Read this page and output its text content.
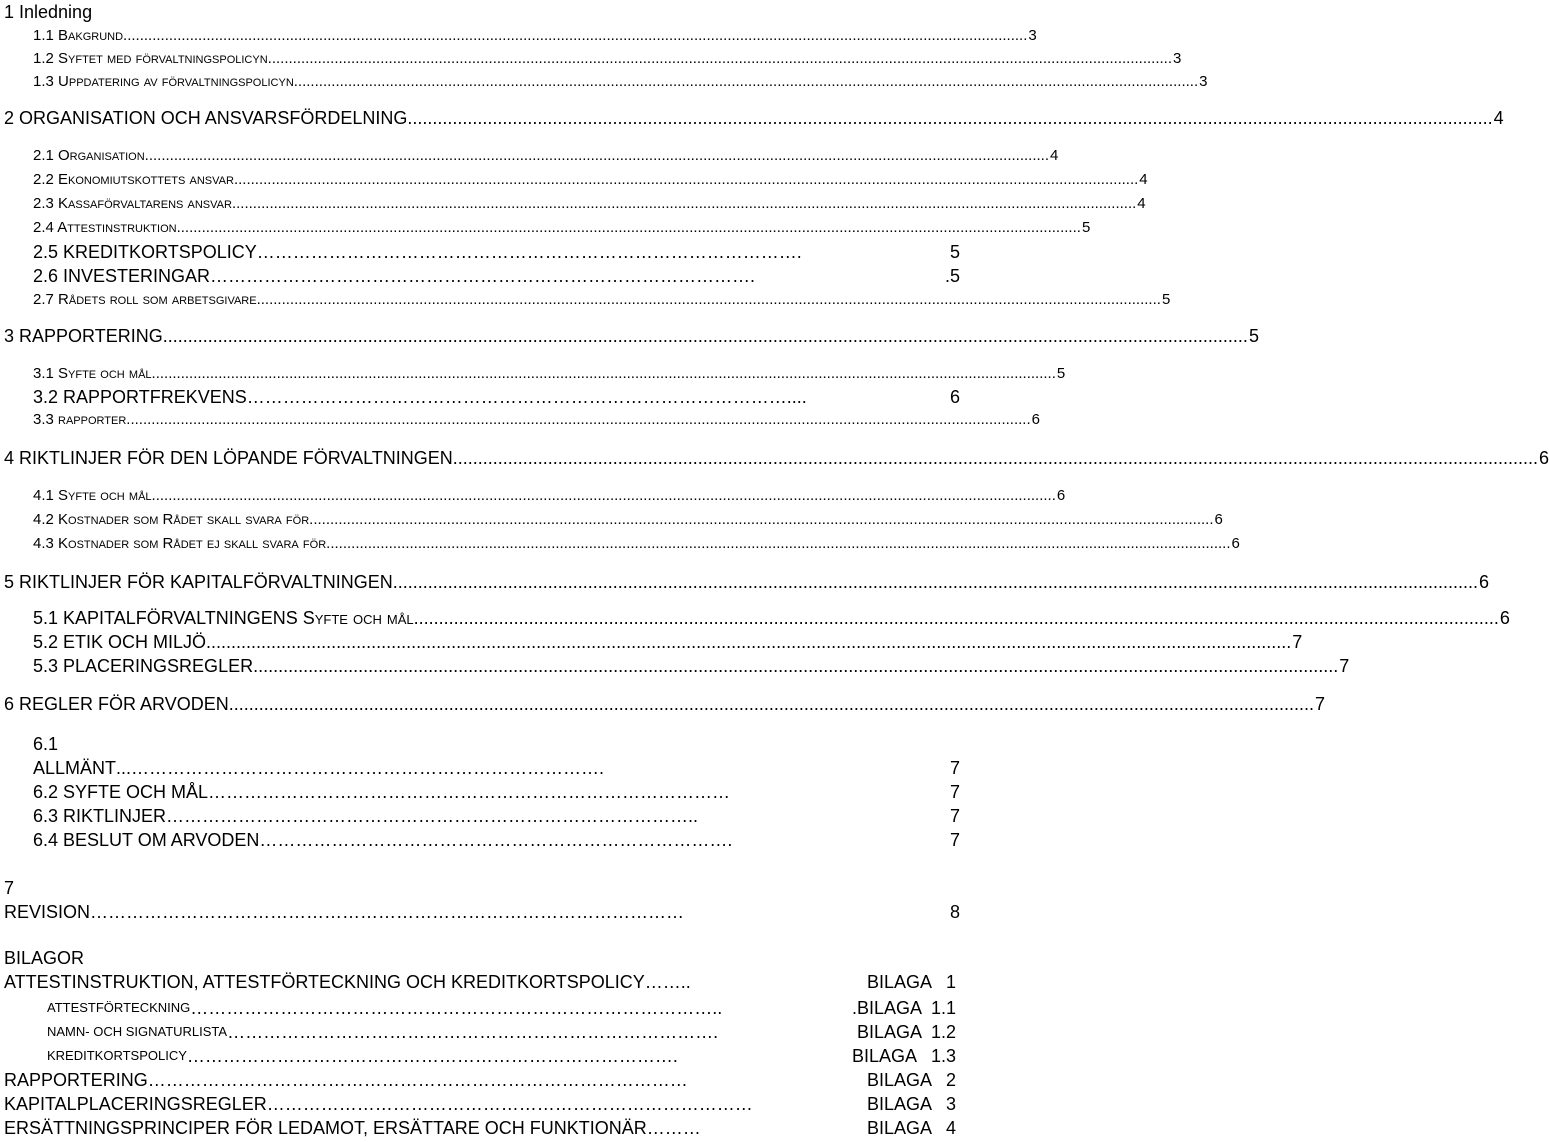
1 Inledning
1.1 Bakgrund ......................................................................................................................................................................................................................... 3
1.2 Syftet med förvaltningspolicyn ......................................................................................................................................................................................................................... 3
1.3 Uppdatering av förvaltningspolicyn ......................................................................................................................................................................................................................... 3
2 ORGANISATION OCH ANSVARSFÖRDELNING ......................................................................................................................................................................................................................... 4
2.1 Organisation ......................................................................................................................................................................................................................... 4
2.2 Ekonomiutskottets ansvar ......................................................................................................................................................................................................................... 4
2.3 Kassaförvaltarens ansvar ......................................................................................................................................................................................................................... 4
2.4 Attestinstruktion ......................................................................................................................................................................................................................... 5
2.5 KREDITKORTSPOLICY ……………………………………………………………………………….	5
2.6 INVESTERINGAR ……………………………………………………………………………….	.5
2.7 Rådets roll som arbetsgivare ......................................................................................................................................................................................................................... 5
3 RAPPORTERING ......................................................................................................................................................................................................................... 5
3.1 Syfte och mål ......................................................................................................................................................................................................................... 5
3.2 RAPPORTFREKVENS ………………………………………………………………………………....	6
3.3 rapporter ......................................................................................................................................................................................................................... 6
4 RIKTLINJER FÖR DEN LÖPANDE FÖRVALTNINGEN ......................................................................................................................................................................................................................... 6
4.1 Syfte och mål ......................................................................................................................................................................................................................... 6
4.2 Kostnader som Rådet skall svara för ......................................................................................................................................................................................................................... 6
4.3 Kostnader som Rådet ej skall svara för ......................................................................................................................................................................................................................... 6
5 RIKTLINJER FÖR KAPITALFÖRVALTNINGEN ......................................................................................................................................................................................................................... 6
5.1 KAPITALFÖRVALTNINGENS Syfte och mål ......................................................................................................................................................................................................................... 6
5.2 ETIK OCH MILJÖ ......................................................................................................................................................................................................................... 7
5.3 PLACERINGSREGLER ......................................................................................................................................................................................................................... 7
6 REGLER FÖR ARVODEN ......................................................................................................................................................................................................................... 7
6.1
ALLMÄNT ...…………………………………………………………………….	7
6.2 SYFTE OCH MÅL ……………………………………………………………………………	7
6.3 RIKTLINJER ……………………………………………………………………………..	7
6.4 BESLUT OM ARVODEN …………………………………………………………………….	7
7
REVISION ………………………………………………………………………………………	8
BILAGOR
ATTESTINSTRUKTION, ATTESTFÖRTECKNING OCH KREDITKORTSPOLICY ……..	BILAGA   1
ATTESTFÖRTECKNING ……………………………………………………………………………..	.BILAGA  1.1
NAMN- OCH SIGNATURLISTA ……………………………………………………………………….	BILAGA  1.2
KREDITKORTSPOLICY ……………………………………………………………………….	BILAGA   1.3
RAPPORTERING ………………………………………………………………………………	BILAGA   2
KAPITALPLACERINGSREGLER ………………………………………………………………………	BILAGA   3
ERSÄTTNINGSPRINCIPER FÖR LEDAMOT, ERSÄTTARE OCH FUNKTIONÄR ………	BILAGA   4
